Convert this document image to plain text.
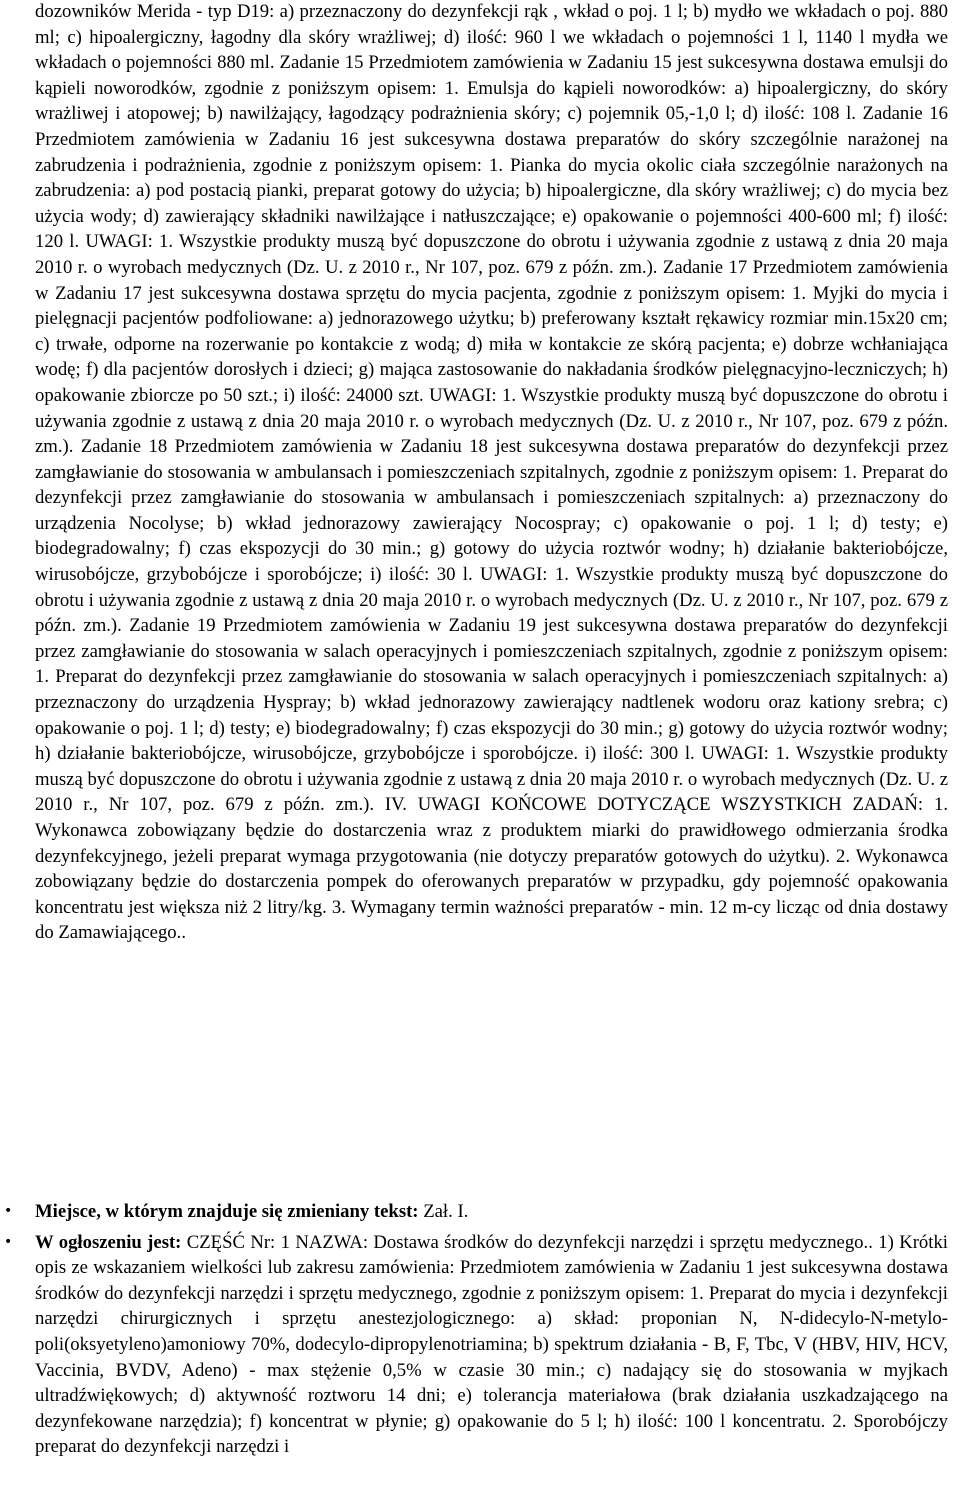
dozowników Merida - typ D19: a) przeznaczony do dezynfekcji rąk , wkład o poj. 1 l; b) mydło we wkładach o poj. 880 ml; c) hipoalergiczny, łagodny dla skóry wrażliwej; d) ilość: 960 l we wkładach o pojemności 1 l, 1140 l mydła we wkładach o pojemności 880 ml. Zadanie 15 Przedmiotem zamówienia w Zadaniu 15 jest sukcesywna dostawa emulsji do kąpieli noworodków, zgodnie z poniższym opisem: 1. Emulsja do kąpieli noworodków: a) hipoalergiczny, do skóry wrażliwej i atopowej; b) nawilżający, łagodzący podrażnienia skóry; c) pojemnik 05,-1,0 l; d) ilość: 108 l. Zadanie 16 Przedmiotem zamówienia w Zadaniu 16 jest sukcesywna dostawa preparatów do skóry szczególnie narażonej na zabrudzenia i podrażnienia, zgodnie z poniższym opisem: 1. Pianka do mycia okolic ciała szczególnie narażonych na zabrudzenia: a) pod postacią pianki, preparat gotowy do użycia; b) hipoalergiczne, dla skóry wrażliwej; c) do mycia bez użycia wody; d) zawierający składniki nawilżające i natłuszczające; e) opakowanie o pojemności 400-600 ml; f) ilość: 120 l. UWAGI: 1. Wszystkie produkty muszą być dopuszczone do obrotu i używania zgodnie z ustawą z dnia 20 maja 2010 r. o wyrobach medycznych (Dz. U. z 2010 r., Nr 107, poz. 679 z późn. zm.). Zadanie 17 Przedmiotem zamówienia w Zadaniu 17 jest sukcesywna dostawa sprzętu do mycia pacjenta, zgodnie z poniższym opisem: 1. Myjki do mycia i pielęgnacji pacjentów podfoliowane: a) jednorazowego użytku; b) preferowany kształt rękawicy rozmiar min.15x20 cm; c) trwałe, odporne na rozerwanie po kontakcie z wodą; d) miła w kontakcie ze skórą pacjenta; e) dobrze wchłaniająca wodę; f) dla pacjentów dorosłych i dzieci; g) mająca zastosowanie do nakładania środków pielęgnacyjno-leczniczych; h) opakowanie zbiorcze po 50 szt.; i) ilość: 24000 szt. UWAGI: 1. Wszystkie produkty muszą być dopuszczone do obrotu i używania zgodnie z ustawą z dnia 20 maja 2010 r. o wyrobach medycznych (Dz. U. z 2010 r., Nr 107, poz. 679 z późn. zm.). Zadanie 18 Przedmiotem zamówienia w Zadaniu 18 jest sukcesywna dostawa preparatów do dezynfekcji przez zamgławianie do stosowania w ambulansach i pomieszczeniach szpitalnych, zgodnie z poniższym opisem: 1. Preparat do dezynfekcji przez zamgławianie do stosowania w ambulansach i pomieszczeniach szpitalnych: a) przeznaczony do urządzenia Nocolyse; b) wkład jednorazowy zawierający Nocospray; c) opakowanie o poj. 1 l; d) testy; e) biodegradowalny; f) czas ekspozycji do 30 min.; g) gotowy do użycia roztwór wodny; h) działanie bakteriobójcze, wirusobójcze, grzybobójcze i sporobójcze; i) ilość: 30 l. UWAGI: 1. Wszystkie produkty muszą być dopuszczone do obrotu i używania zgodnie z ustawą z dnia 20 maja 2010 r. o wyrobach medycznych (Dz. U. z 2010 r., Nr 107, poz. 679 z późn. zm.). Zadanie 19 Przedmiotem zamówienia w Zadaniu 19 jest sukcesywna dostawa preparatów do dezynfekcji przez zamgławianie do stosowania w salach operacyjnych i pomieszczeniach szpitalnych, zgodnie z poniższym opisem: 1. Preparat do dezynfekcji przez zamgławianie do stosowania w salach operacyjnych i pomieszczeniach szpitalnych: a) przeznaczony do urządzenia Hyspray; b) wkład jednorazowy zawierający nadtlenek wodoru oraz kationy srebra; c) opakowanie o poj. 1 l; d) testy; e) biodegradowalny; f) czas ekspozycji do 30 min.; g) gotowy do użycia roztwór wodny; h) działanie bakteriobójcze, wirusobójcze, grzybobójcze i sporobójcze. i) ilość: 300 l. UWAGI: 1. Wszystkie produkty muszą być dopuszczone do obrotu i używania zgodnie z ustawą z dnia 20 maja 2010 r. o wyrobach medycznych (Dz. U. z 2010 r., Nr 107, poz. 679 z późn. zm.). IV. UWAGI KOŃCOWE DOTYCZĄCE WSZYSTKICH ZADAŃ: 1. Wykonawca zobowiązany będzie do dostarczenia wraz z produktem miarki do prawidłowego odmierzania środka dezynfekcyjnego, jeżeli preparat wymaga przygotowania (nie dotyczy preparatów gotowych do użytku). 2. Wykonawca zobowiązany będzie do dostarczenia pompek do oferowanych preparatów w przypadku, gdy pojemność opakowania koncentratu jest większa niż 2 litry/kg. 3. Wymagany termin ważności preparatów - min. 12 m-cy licząc od dnia dostawy do Zamawiającego..

• Miejsce, w którym znajduje się zmieniany tekst: Zał. I.
• W ogłoszeniu jest: CZĘŚĆ Nr: 1 NAZWA: Dostawa środków do dezynfekcji narzędzi i sprzętu medycznego.. 1) Krótki opis ze wskazaniem wielkości lub zakresu zamówienia: Przedmiotem zamówienia w Zadaniu 1 jest sukcesywna dostawa środków do dezynfekcji narzędzi i sprzętu medycznego, zgodnie z poniższym opisem: 1. Preparat do mycia i dezynfekcji narzędzi chirurgicznych i sprzętu anestezjologicznego: a) skład: proponian N, N-didecylo-N-metylo-poli(oksyetyleno)amoniowy 70%, dodecylo-dipropylenotriamina; b) spektrum działania - B, F, Tbc, V (HBV, HIV, HCV, Vaccinia, BVDV, Adeno) - max stężenie 0,5% w czasie 30 min.; c) nadający się do stosowania w myjkach ultradźwiękowych; d) aktywność roztworu 14 dni; e) tolerancja materiałowa (brak działania uszkadzającego na dezynfekowane narzędzia); f) koncentrat w płynie; g) opakowanie do 5 l; h) ilość: 100 l koncentratu. 2. Sporobójczy preparat do dezynfekcji narzędzi i
